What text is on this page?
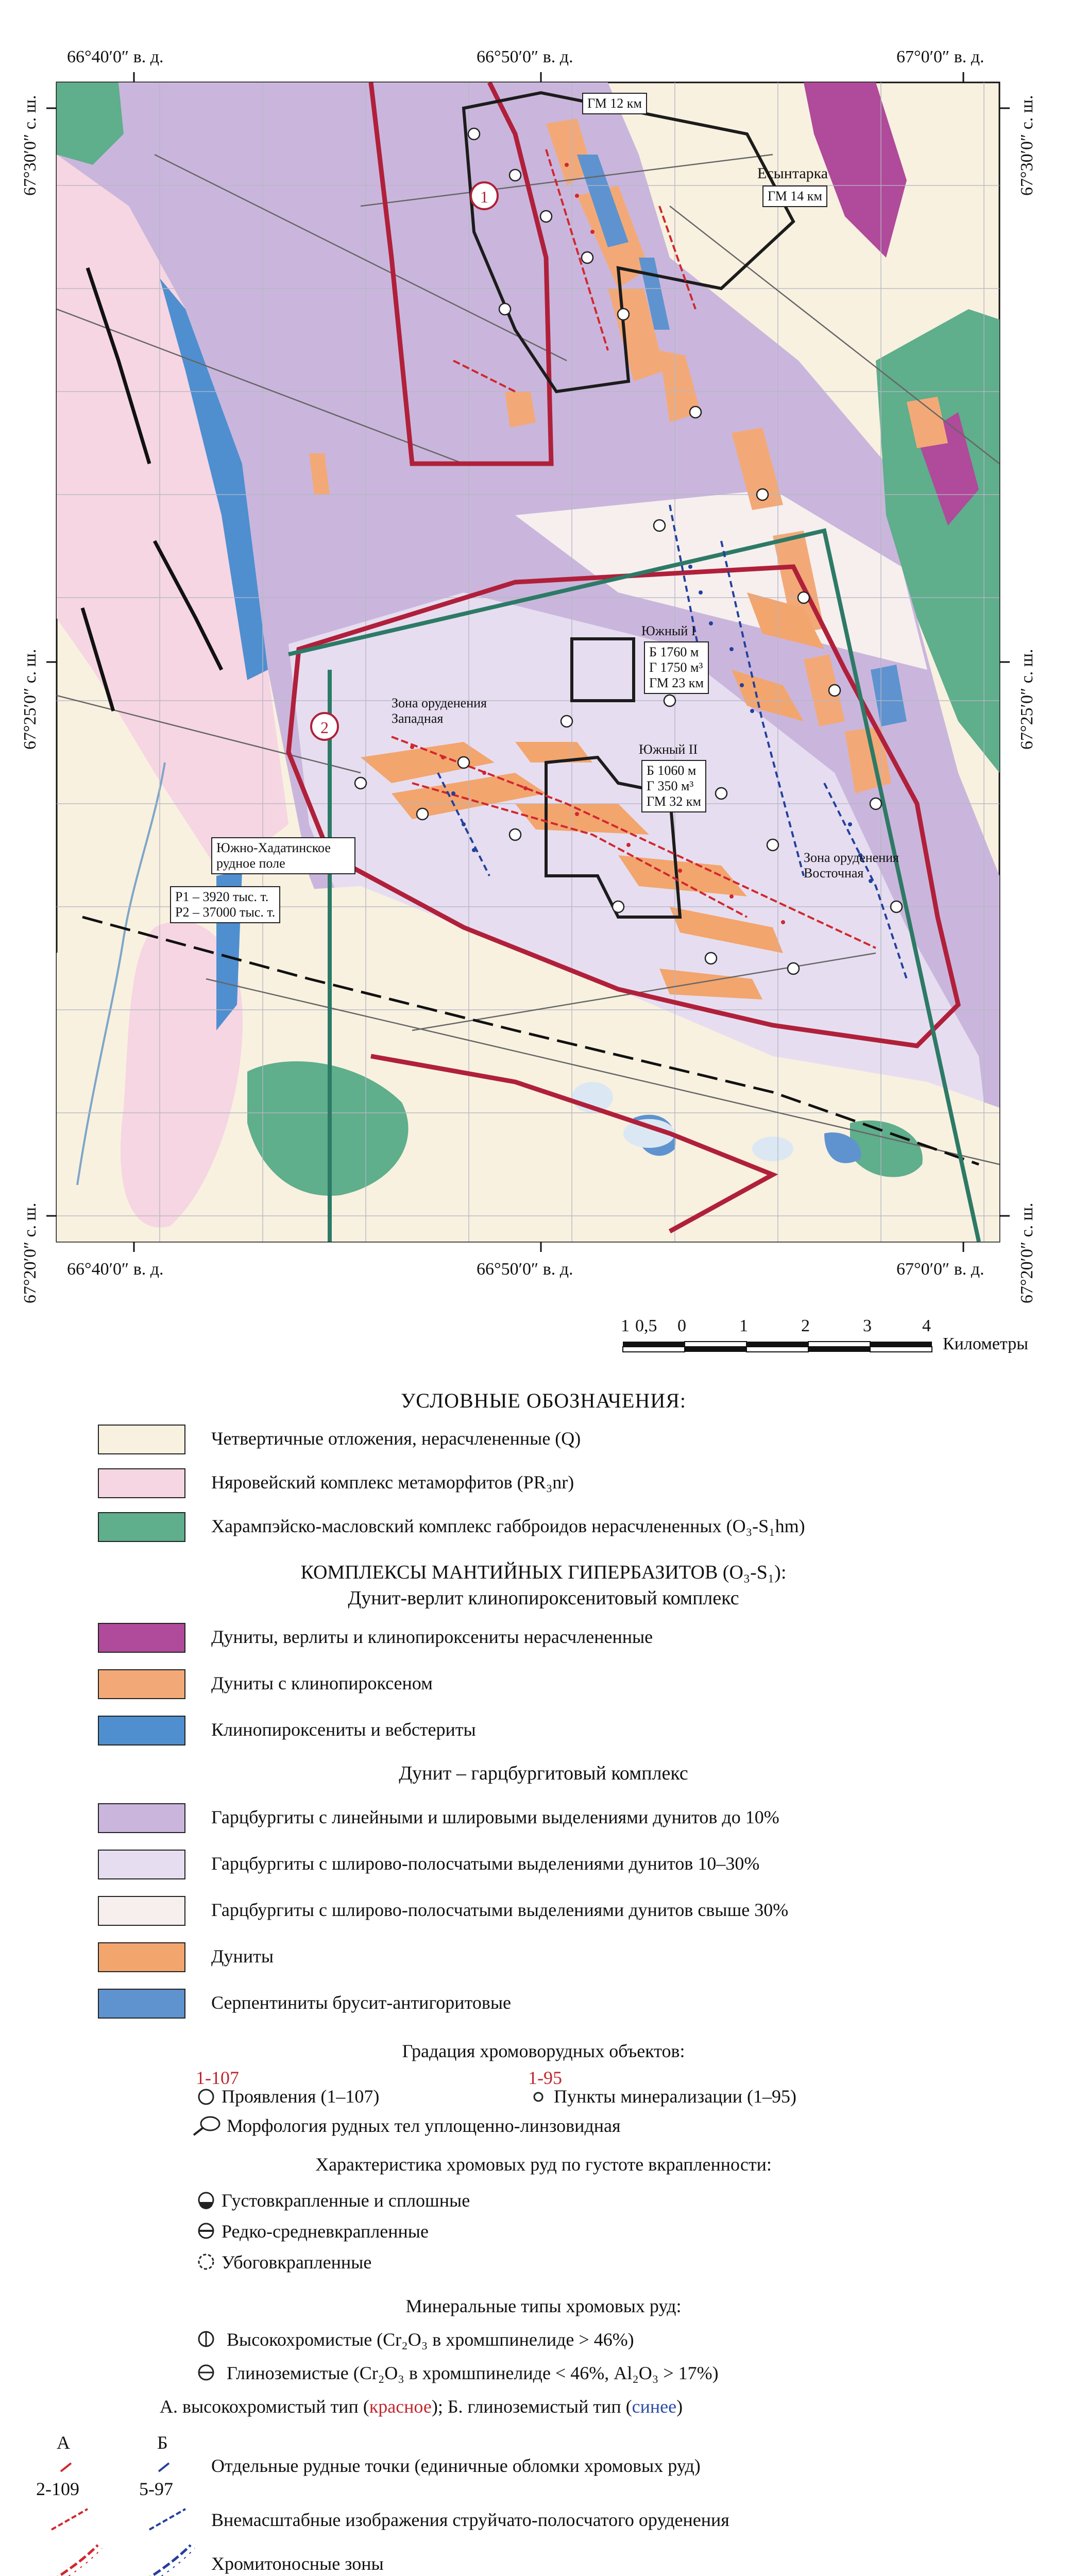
66°40′0″ в. д.	66°50′0″ в. д.	67°0′0″ в. д.
66°40′0″ в. д.	66°50′0″ в. д.	67°0′0″ в. д.
67°30′0″ с. ш.
67°25′0″ с. ш.
67°20′0″ с. ш.
67°30′0″ с. ш.
67°25′0″ с. ш.
67°20′0″ с. ш.
1
2
ГМ 12 км
Есынтарка
ГМ 14 км
Южный I
Б 1760 м
Г 1750 м³
ГМ 23 км
Южный II
Б 1060 м
Г 350 м³
ГМ 32 км
Зона оруденения Западная
Зона оруденения Восточная
Южно-Хадатинское рудное поле
P1 – 3920 тыс. т.
P2 – 37000 тыс. т.
1 0,5 0	1	2	3	4
Километры
УСЛОВНЫЕ ОБОЗНАЧЕНИЯ:
Четвертичные отложения, нерасчлененные (Q)
Няровейский комплекс метаморфитов (PR₃nr)
Харампэйско-масловский комплекс габброидов нерасчлененных (O₃-S₁hm)
КОМПЛЕКСЫ МАНТИЙНЫХ ГИПЕРБАЗИТОВ (O₃-S₁):
Дунит-верлит клинопироксенитовый комплекс
Дуниты, верлиты и клинопироксениты нерасчлененные
Дуниты с клинопироксеном
Клинопироксениты и вебстериты
Дунит – гарцбургитовый комплекс
Гарцбургиты с линейными и шлировыми выделениями дунитов до 10%
Гарцбургиты с шлирово-полосчатыми выделениями дунитов 10–30%
Гарцбургиты с шлирово-полосчатыми выделениями дунитов свыше 30%
Дуниты
Серпентиниты брусит-антигоритовые
Градация хромоворудных объектов:
1-107
Проявления (1–107)
1-95
Пункты минерализации (1–95)
Морфология рудных тел уплощенно-линзовидная
Характеристика хромовых руд по густоте вкрапленности:
Густовкрапленные и сплошные
Редко-средневкрапленные
Убоговкрапленные
Минеральные типы хромовых руд:
Высокохромистые (Cr₂O₃ в хромшпинелиде > 46%)
Глиноземистые (Cr₂O₃ в хромшпинелиде < 46%, Al₂O₃ > 17%)
А. высокохромистый тип (красное); Б. глиноземистый тип (синее)
А	Б
2-109	5-97
Отдельные рудные точки (единичные обломки хромовых руд)
Внемасштабные изображения струйчато-полосчатого оруденения
Хромитоносные зоны
